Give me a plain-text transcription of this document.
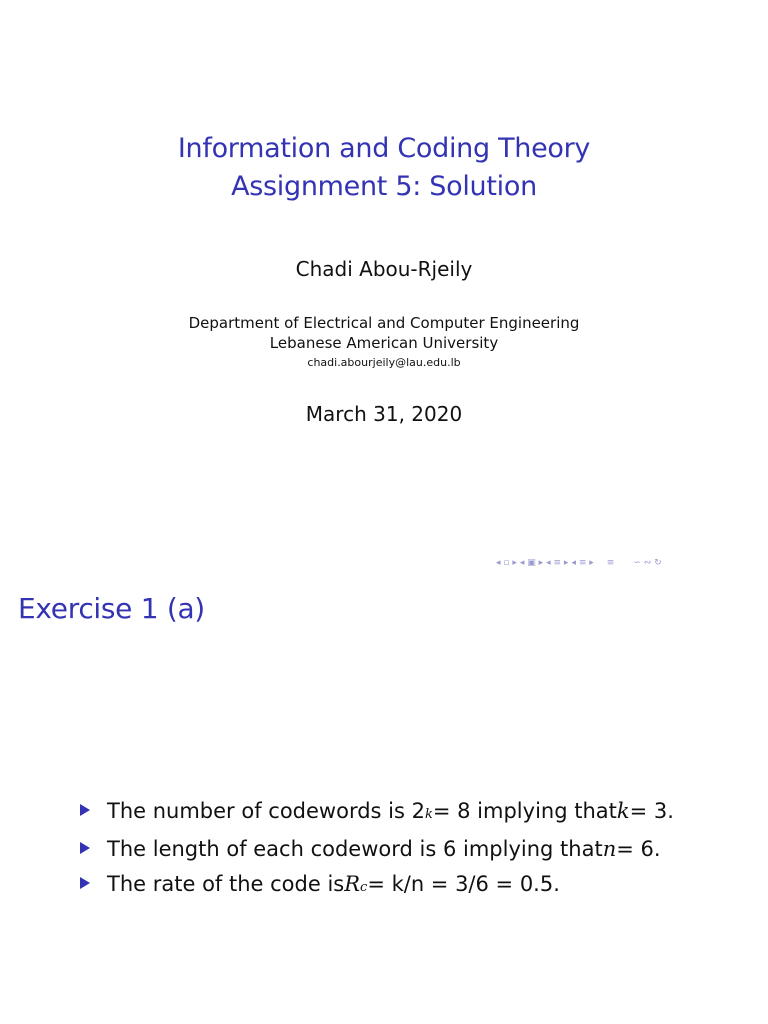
Information and Coding Theory
Assignment 5: Solution
Chadi Abou-Rjeily
Department of Electrical and Computer Engineering
Lebanese American University
chadi.abourjeily@lau.edu.lb
March 31, 2020
◂ ▫ ▸ ◂ ▣ ▸ ◂ ≡ ▸ ◂ ≡ ▸ ≡ ∽ ∾ ↻
Exercise 1 (a)
The number of codewords is 2 k = 8 implying that k = 3.
The length of each codeword is 6 implying that n = 6.
The rate of the code is R c = k/n = 3/6 = 0.5.
